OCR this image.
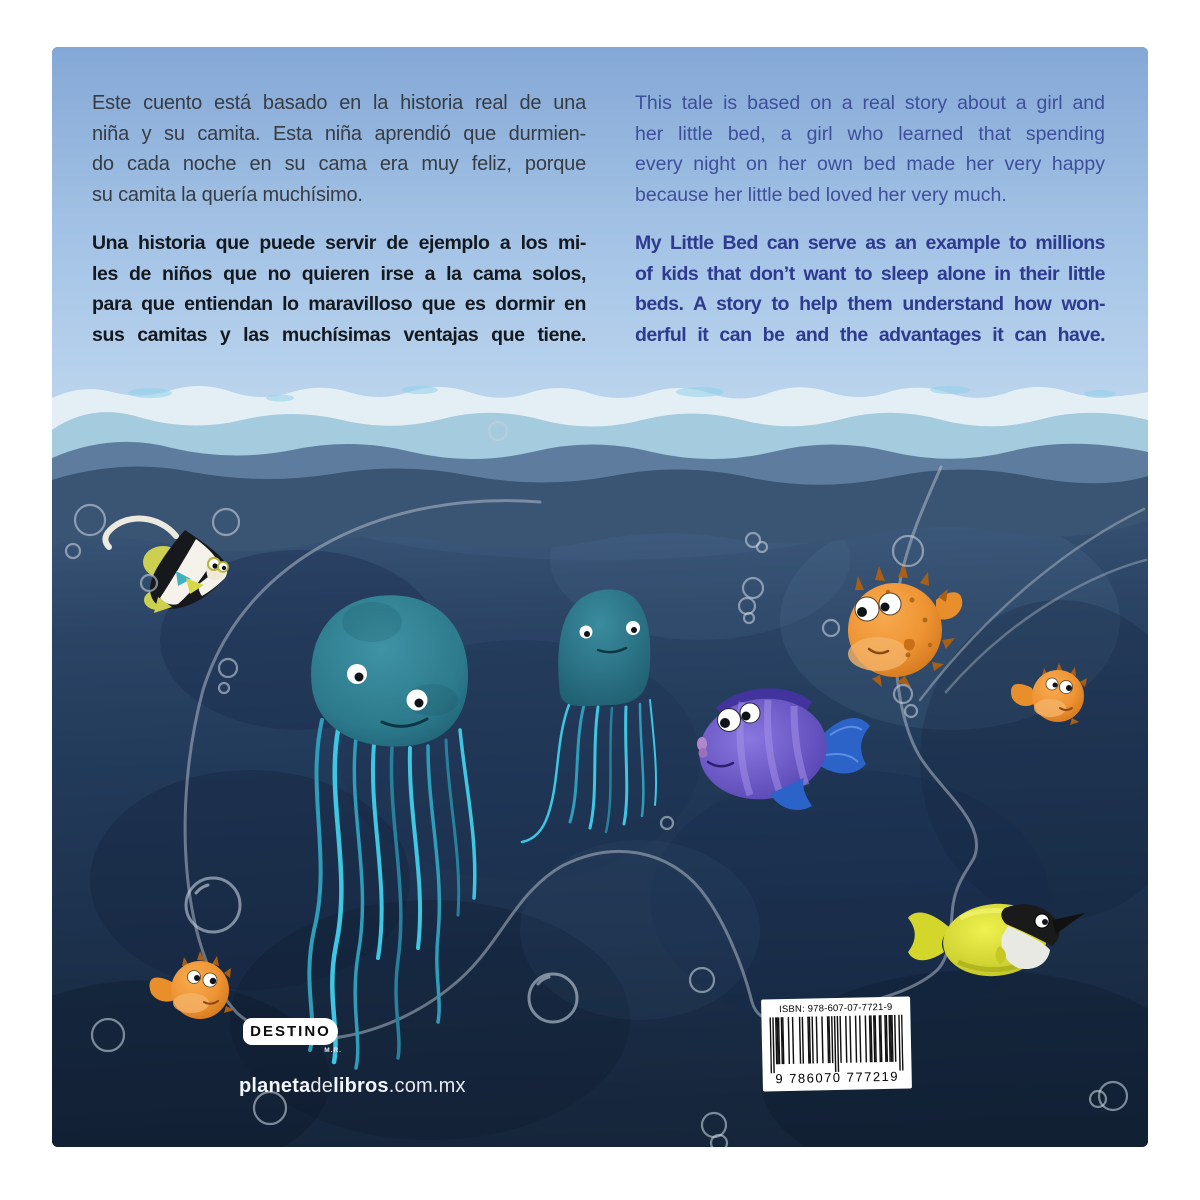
Este cuento está basado en la historia real de una
niña y su camita. Esta niña aprendió que durmien-
do cada noche en su cama era muy feliz, porque
su camita la quería muchísimo.
Una historia que puede servir de ejemplo a los mi-
les de niños que no quieren irse a la cama solos,
para que entiendan lo maravilloso que es dormir en
sus camitas y las muchísimas ventajas que tiene.
This tale is based on a real story about a girl and
her little bed, a girl who learned that spending
every night on her own bed made her very happy
because her little bed loved her very much.
My Little Bed can serve as an example to millions
of kids that don’t want to sleep alone in their little
beds. A story to help them understand how won-
derful it can be and the advantages it can have.
DESTINO
M.R.
planetadelibros.com.mx
ISBN: 978-607-07-7721-9
9 786070 777219
